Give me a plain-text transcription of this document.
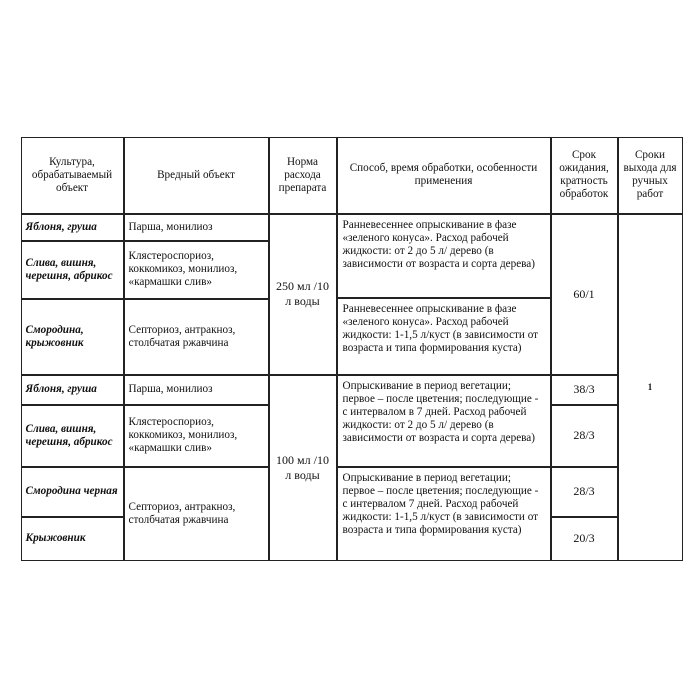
Культура, обрабатываемый объект
Вредный объект
Норма расхода препарата
Способ, время обработки, особенности применения
Срок ожидания, кратность обработок
Сроки выхода для ручных работ
Яблоня, груша
Слива, вишня, черешня, абрикос
Смородина, крыжовник
Яблоня, груша
Слива, вишня, черешня, абрикос
Смородина черная
Крыжовник
Парша, монилиоз
Клястероспориоз, коккомикоз, монилиоз, «кармашки слив»
Септориоз, антракноз, столбчатая ржавчина
Парша, монилиоз
Клястероспориоз, коккомикоз, монилиоз, «кармашки слив»
Септориоз, антракноз, столбчатая ржавчина
250 мл /10 л воды
100 мл /10 л воды
Ранневесеннее опрыскивание в фазе «зеленого конуса». Расход рабочей жидкости: от 2 до 5 л/ дерево (в зависимости от возраста и сорта дерева)
Ранневесеннее опрыскивание в фазе «зеленого конуса». Расход рабочей жидкости: 1-1,5 л/куст (в зависимости от возраста и типа формирования куста)
Опрыскивание в период вегетации; первое – после цветения; последующие - с интервалом в 7 дней. Расход рабочей жидкости: от 2 до 5 л/ дерево (в зависимости от возраста и сорта дерева)
Опрыскивание в период вегетации; первое – после цветения; последующие - с интервалом 7 дней. Расход рабочей жидкости: 1-1,5 л/куст (в зависимости от возраста и типа формирования куста)
60/1
38/3
28/3
28/3
20/3
1
